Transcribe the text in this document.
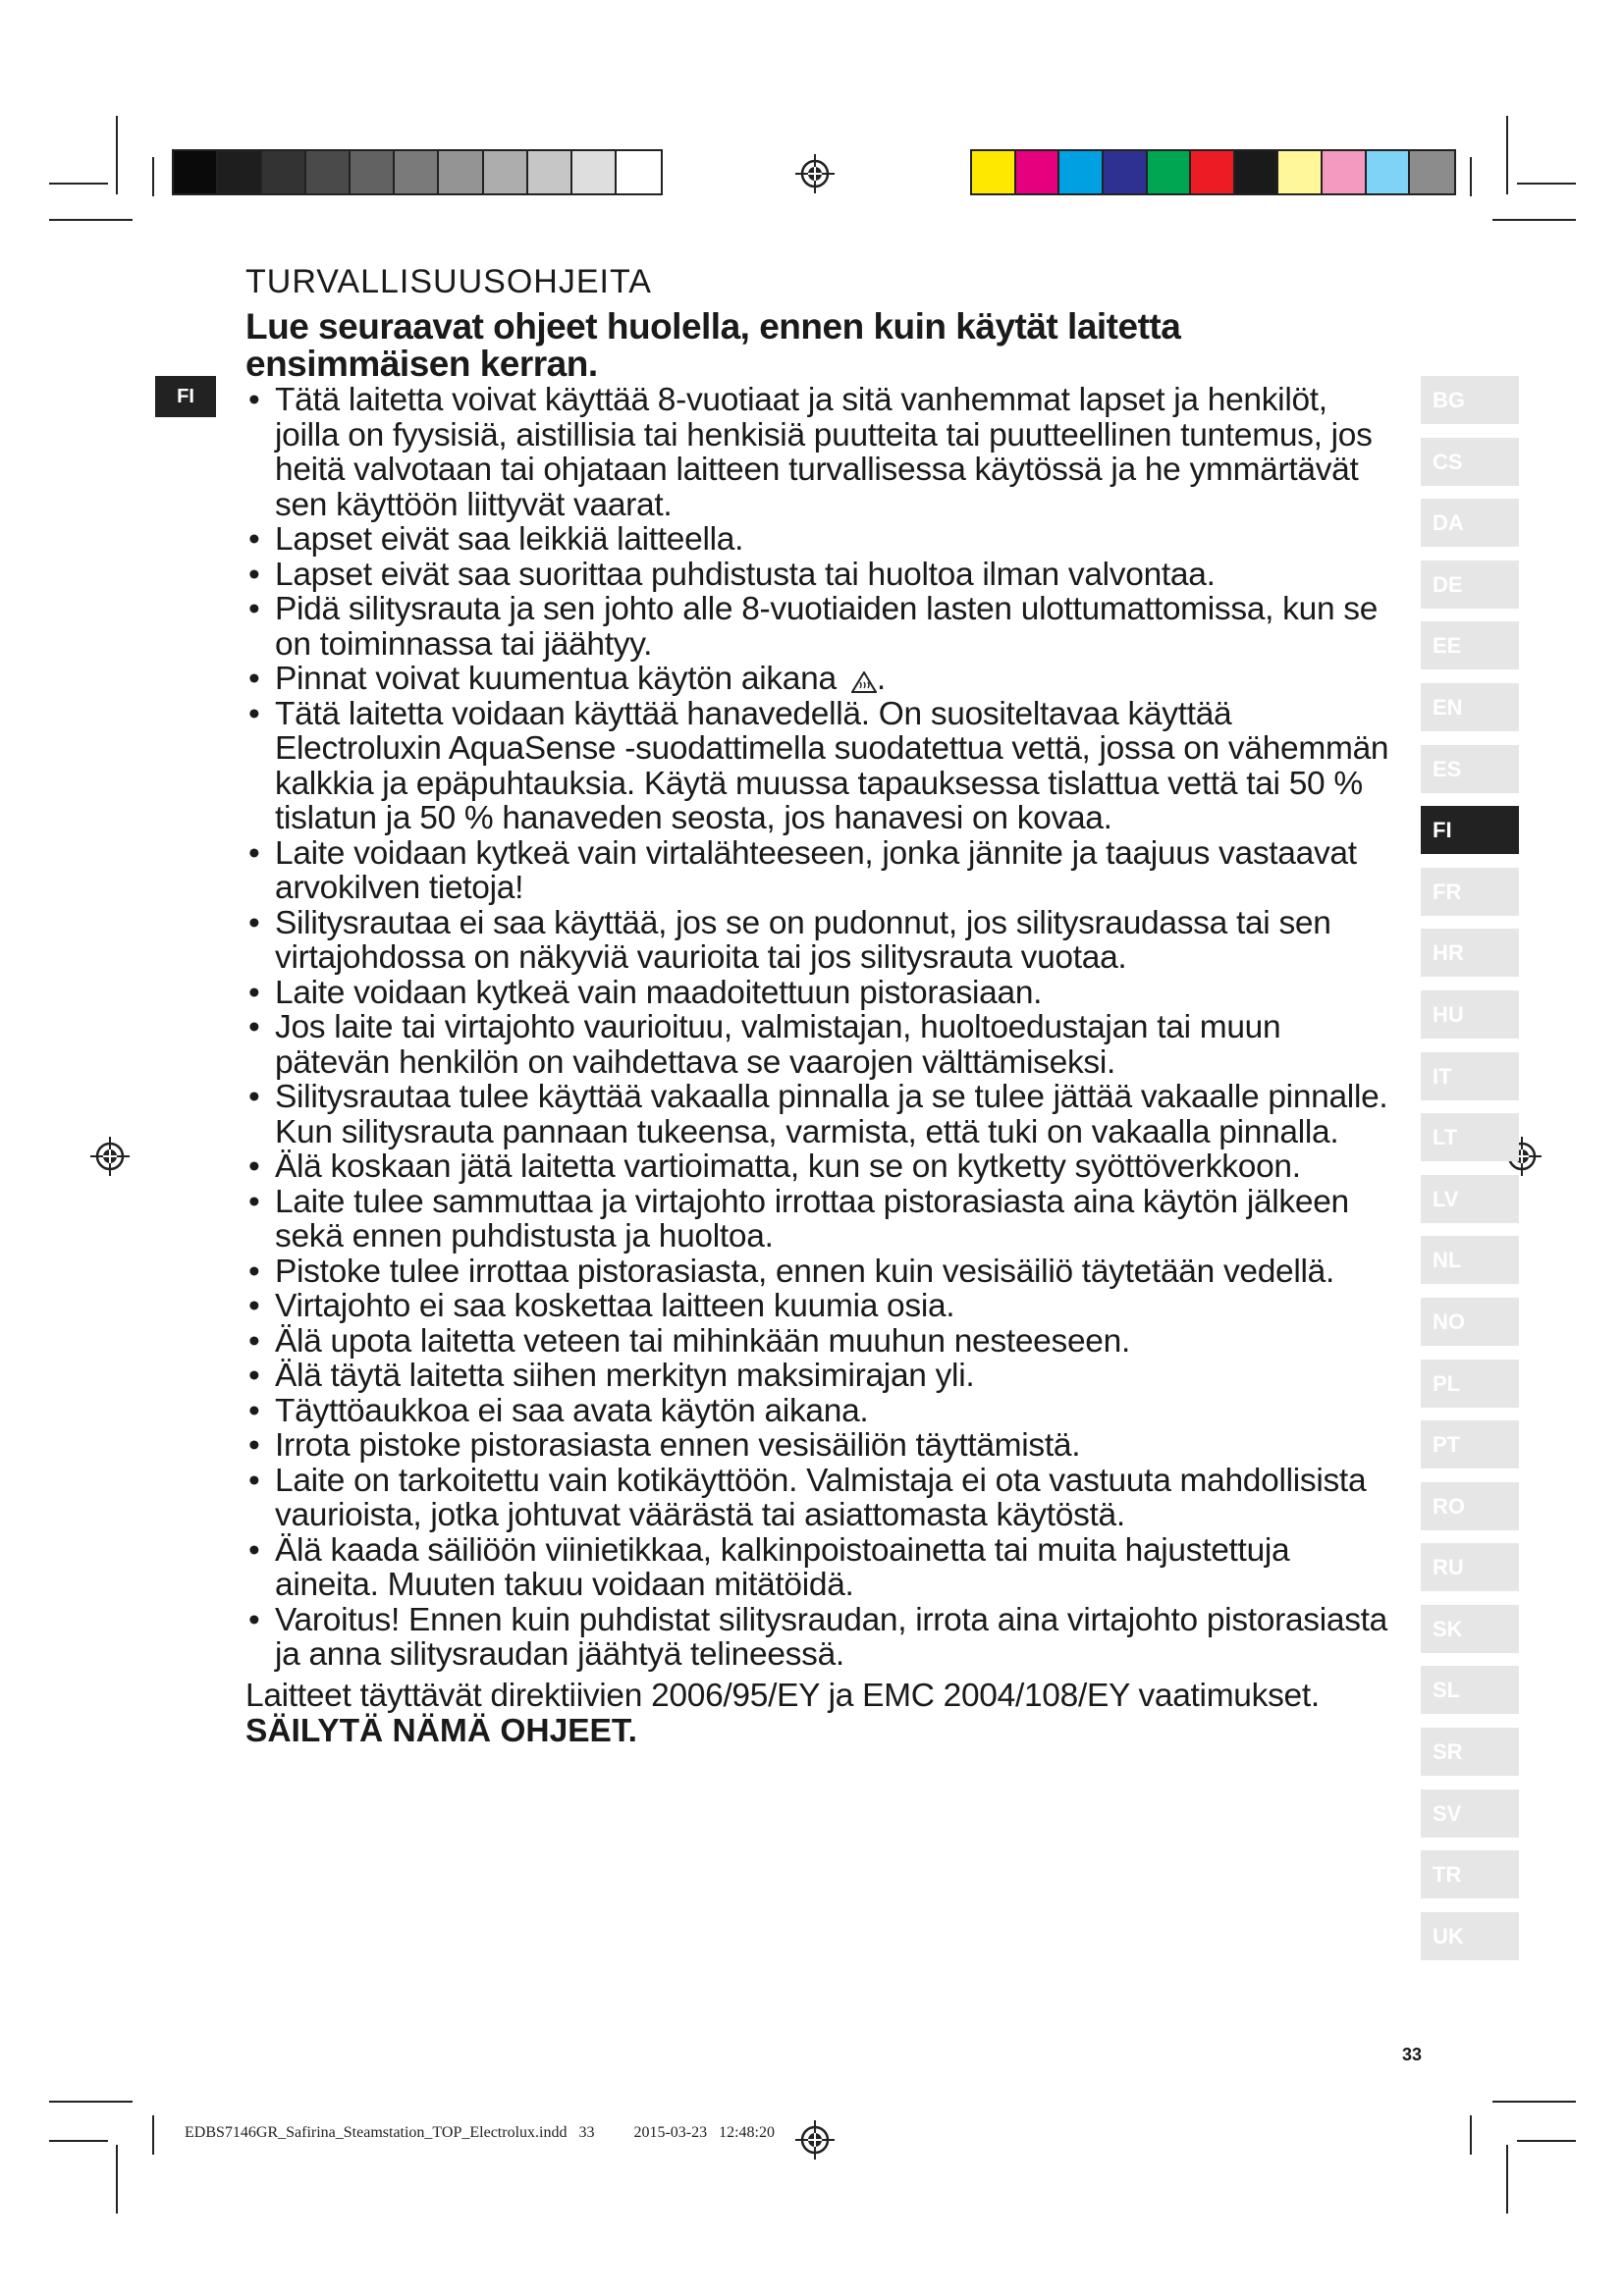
FI
TURVALLISUUSOHJEITA
Lue seuraavat ohjeet huolella, ennen kuin käytät laitetta ensimmäisen kerran.
• Tätä laitetta voivat käyttää 8-vuotiaat ja sitä vanhemmat lapset ja henkilöt, joilla on fyysisiä, aistillisia tai henkisiä puutteita tai puutteellinen tuntemus, jos heitä valvotaan tai ohjataan laitteen turvallisessa käytössä ja he ymmärtävät sen käyttöön liittyvät vaarat.
• Lapset eivät saa leikkiä laitteella.
• Lapset eivät saa suorittaa puhdistusta tai huoltoa ilman valvontaa.
• Pidä silitysrauta ja sen johto alle 8-vuotiaiden lasten ulottumattomissa, kun se on toiminnassa tai jäähtyy.
• Pinnat voivat kuumentua käytön aikana .
• Tätä laitetta voidaan käyttää hanavedellä. On suositeltavaa käyttää Electroluxin AquaSense -suodattimella suodatettua vettä, jossa on vähemmän kalkkia ja epäpuhtauksia. Käytä muussa tapauksessa tislattua vettä tai 50 % tislatun ja 50 % hanaveden seosta, jos hanavesi on kovaa.
• Laite voidaan kytkeä vain virtalähteeseen, jonka jännite ja taajuus vastaavat arvokilven tietoja!
• Silitysrautaa ei saa käyttää, jos se on pudonnut, jos silitysraudassa tai sen virtajohdossa on näkyviä vaurioita tai jos silitysrauta vuotaa.
• Laite voidaan kytkeä vain maadoitettuun pistorasiaan.
• Jos laite tai virtajohto vaurioituu, valmistajan, huoltoedustajan tai muun pätevän henkilön on vaihdettava se vaarojen välttämiseksi.
• Silitysrautaa tulee käyttää vakaalla pinnalla ja se tulee jättää vakaalle pinnalle. Kun silitysrauta pannaan tukeensa, varmista, että tuki on vakaalla pinnalla.
• Älä koskaan jätä laitetta vartioimatta, kun se on kytketty syöttöverkkoon.
• Laite tulee sammuttaa ja virtajohto irrottaa pistorasiasta aina käytön jälkeen sekä ennen puhdistusta ja huoltoa.
• Pistoke tulee irrottaa pistorasiasta, ennen kuin vesisäiliö täytetään vedellä.
• Virtajohto ei saa koskettaa laitteen kuumia osia.
• Älä upota laitetta veteen tai mihinkään muuhun nesteeseen.
• Älä täytä laitetta siihen merkityn maksimirajan yli.
• Täyttöaukkoa ei saa avata käytön aikana.
• Irrota pistoke pistorasiasta ennen vesisäiliön täyttämistä.
• Laite on tarkoitettu vain kotikäyttöön. Valmistaja ei ota vastuuta mahdollisista vaurioista, jotka johtuvat väärästä tai asiattomasta käytöstä.
• Älä kaada säiliöön viinietikkaa, kalkinpoistoainetta tai muita hajustettuja aineita. Muuten takuu voidaan mitätöidä.
• Varoitus! Ennen kuin puhdistat silitysraudan, irrota aina virtajohto pistorasiasta ja anna silitysraudan jäähtyä telineessä.
Laitteet täyttävät direktiivien 2006/95/EY ja EMC 2004/108/EY vaatimukset.
SÄILYTÄ NÄMÄ OHJEET.
BG
CS
DA
DE
EE
EN
ES
FI
FR
HR
HU
IT
LT
LV
NL
NO
PL
PT
RO
RU
SK
SL
SR
SV
TR
UK
33
EDBS7146GR_Safirina_Steamstation_TOP_Electrolux.indd   33          2015-03-23   12:48:20
